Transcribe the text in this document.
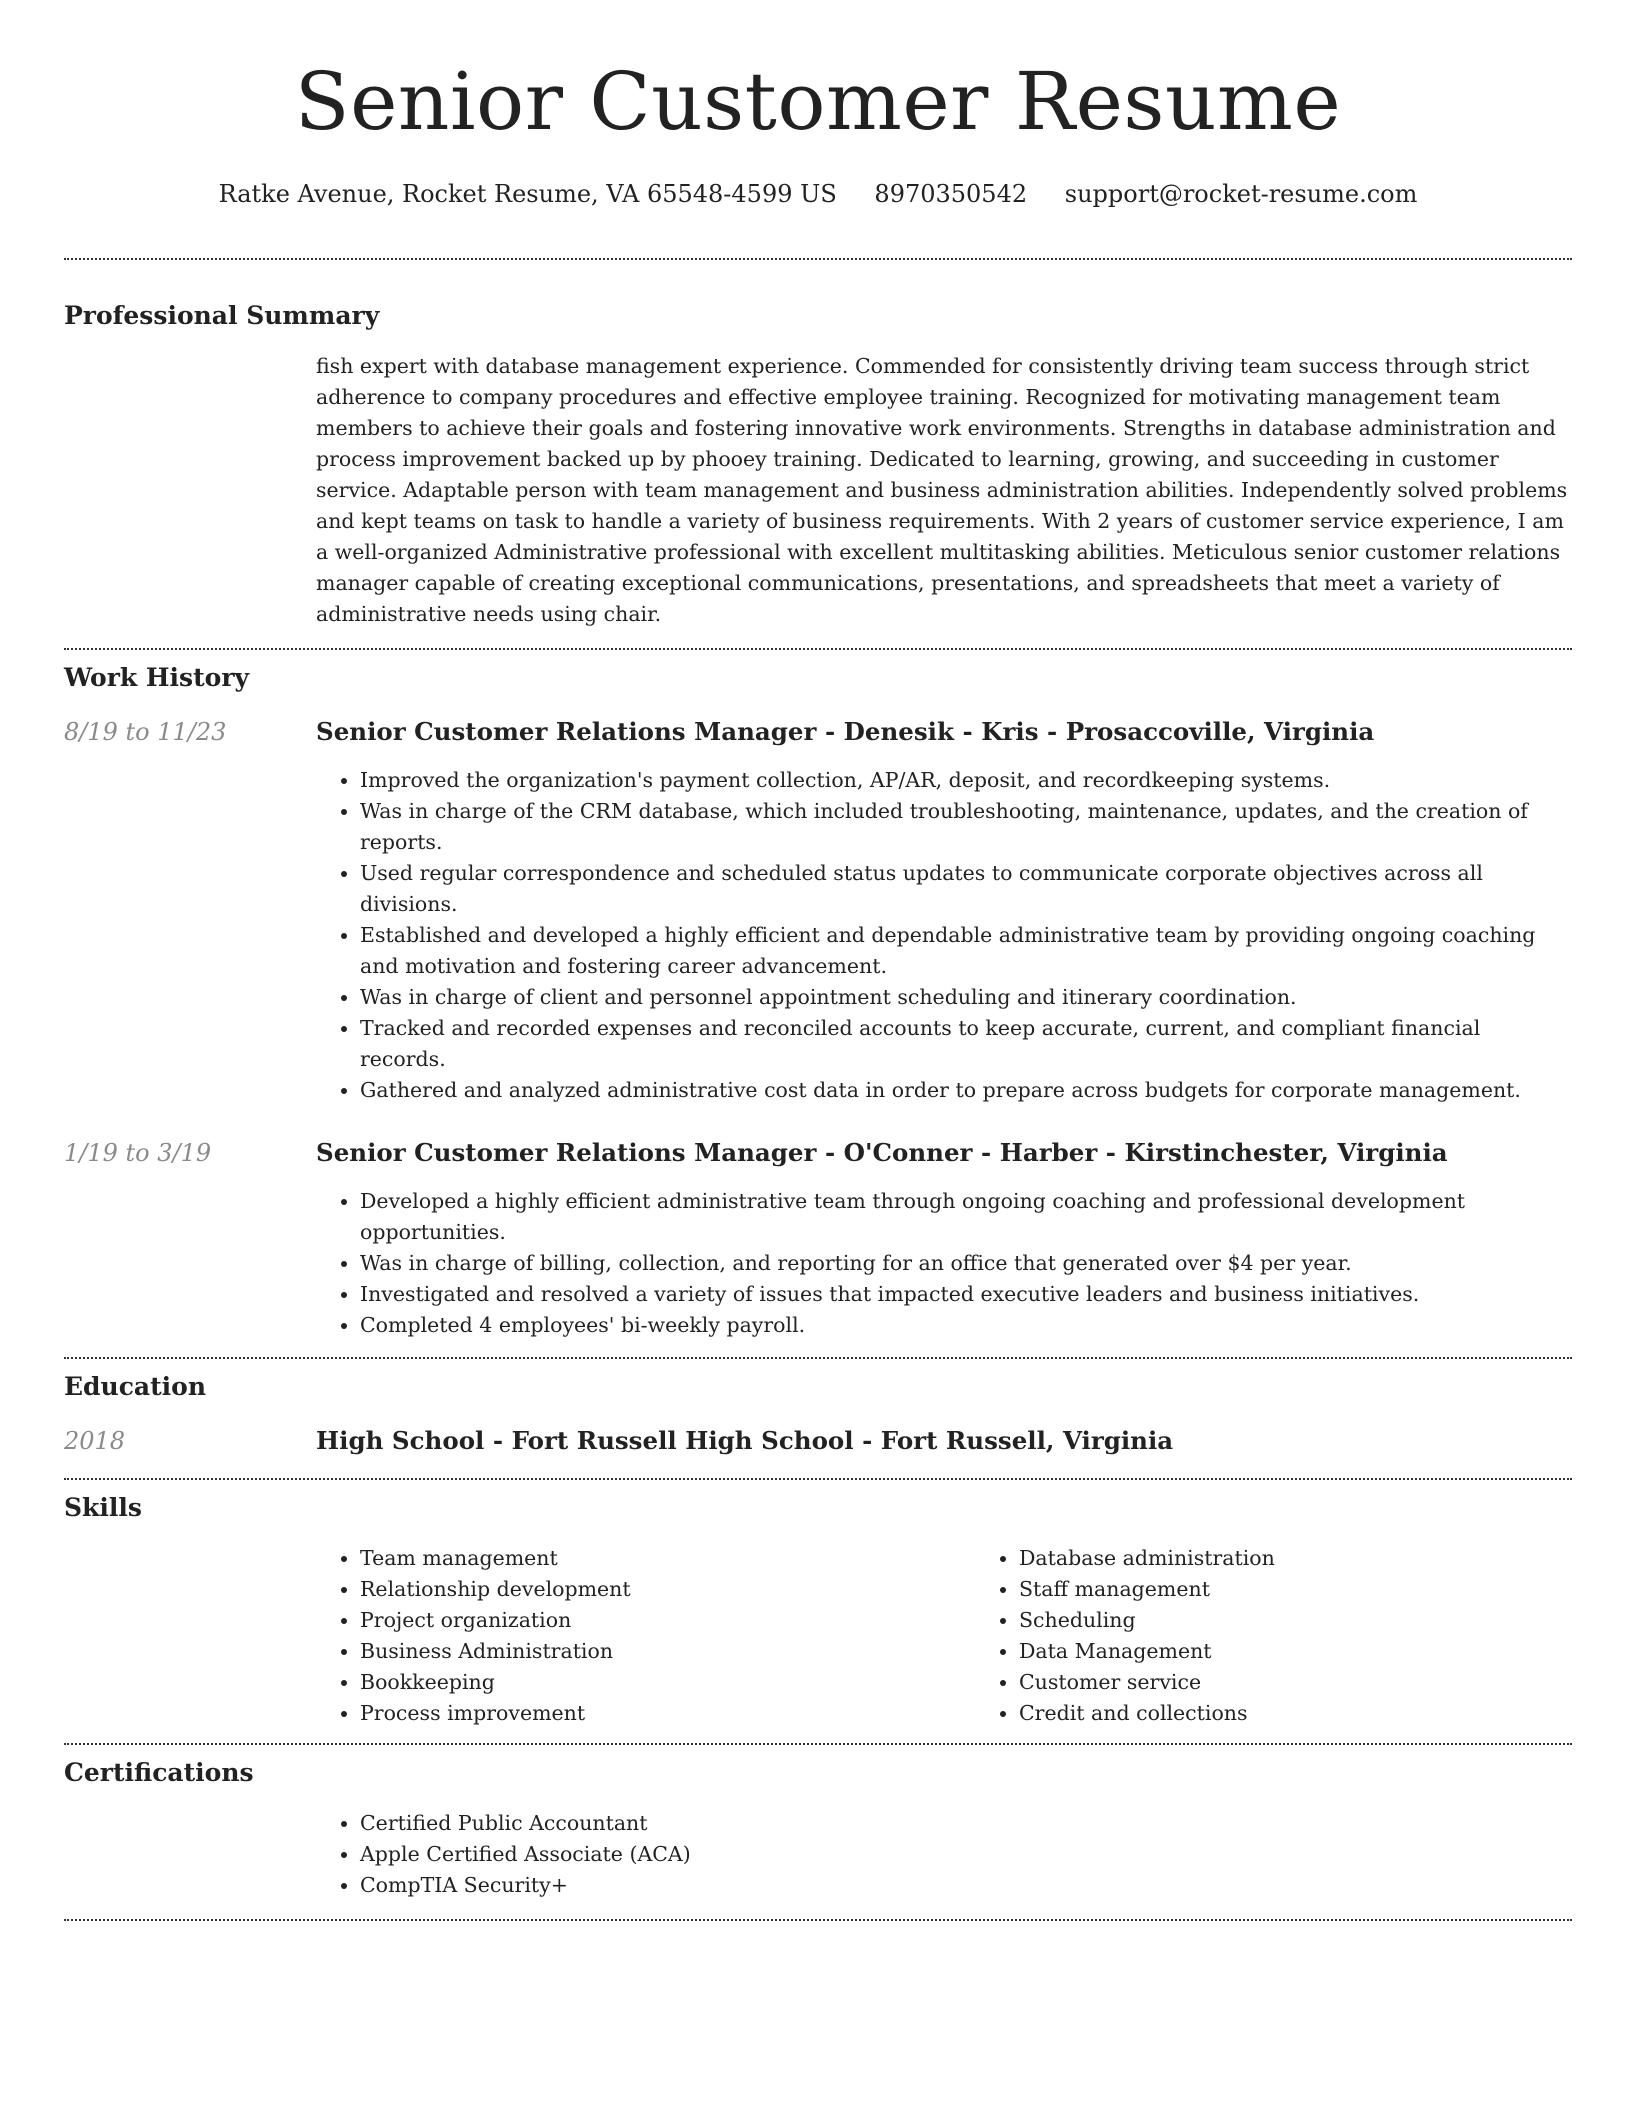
Senior Customer Resume
Ratke Avenue, Rocket Resume, VA 65548-4599 US 8970350542 support@rocket-resume.com
Professional Summary

fish expert with database management experience. Commended for consistently driving team success through strict adherence to company procedures and effective employee training. Recognized for motivating management team members to achieve their goals and fostering innovative work environments. Strengths in database administration and process improvement backed up by phooey training. Dedicated to learning, growing, and succeeding in customer service. Adaptable person with team management and business administration abilities. Independently solved problems and kept teams on task to handle a variety of business requirements. With 2 years of customer service experience, I am a well-organized Administrative professional with excellent multitasking abilities. Meticulous senior customer relations manager capable of creating exceptional communications, presentations, and spreadsheets that meet a variety of administrative needs using chair.

Work History
8/19 to 11/23	Senior Customer Relations Manager - Denesik - Kris - Prosaccoville, Virginia
• Improved the organization's payment collection, AP/AR, deposit, and recordkeeping systems.
• Was in charge of the CRM database, which included troubleshooting, maintenance, updates, and the creation of reports.
• Used regular correspondence and scheduled status updates to communicate corporate objectives across all divisions.
• Established and developed a highly efficient and dependable administrative team by providing ongoing coaching and motivation and fostering career advancement.
• Was in charge of client and personnel appointment scheduling and itinerary coordination.
• Tracked and recorded expenses and reconciled accounts to keep accurate, current, and compliant financial records.
• Gathered and analyzed administrative cost data in order to prepare across budgets for corporate management.
1/19 to 3/19	Senior Customer Relations Manager - O'Conner - Harber - Kirstinchester, Virginia
• Developed a highly efficient administrative team through ongoing coaching and professional development opportunities.
• Was in charge of billing, collection, and reporting for an office that generated over $4 per year.
• Investigated and resolved a variety of issues that impacted executive leaders and business initiatives.
• Completed 4 employees' bi-weekly payroll.
Education
2018	High School - Fort Russell High School - Fort Russell, Virginia
Skills
• Team management
• Relationship development
• Project organization
• Business Administration
• Bookkeeping
• Process improvement
• Database administration
• Staff management
• Scheduling
• Data Management
• Customer service
• Credit and collections
Certifications
• Certified Public Accountant
• Apple Certified Associate (ACA)
• CompTIA Security+
